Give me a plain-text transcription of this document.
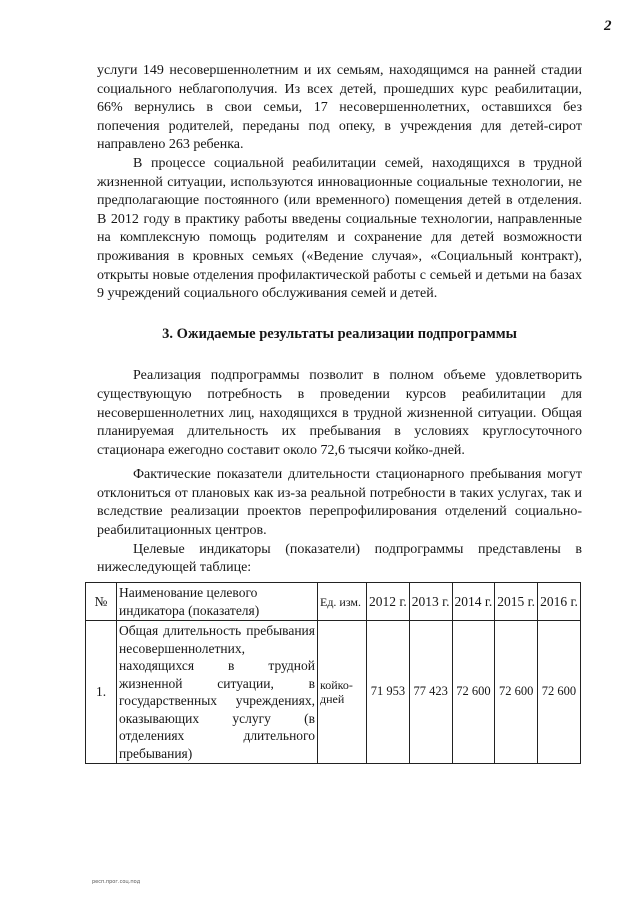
2

услуги 149 несовершеннолетним и их семьям, находящимся на ранней стадии социального неблагополучия. Из всех детей, прошедших курс реабилитации, 66% вернулись в свои семьи, 17 несовершеннолетних, оставшихся без попечения родителей, переданы под опеку, в учреждения для детей-сирот направлено 263 ребенка.

В процессе социальной реабилитации семей, находящихся в трудной жизненной ситуации, используются инновационные социальные технологии, не предполагающие постоянного (или временного) помещения детей в отделения. В 2012 году в практику работы введены социальные технологии, направленные на комплексную помощь родителям и сохранение для детей возможности проживания в кровных семьях («Ведение случая», «Социальный контракт), открыты новые отделения профилактической работы с семьей и детьми на базах 9 учреждений социального обслуживания семей и детей.

3. Ожидаемые результаты реализации подпрограммы

Реализация подпрограммы позволит в полном объеме удовлетворить существующую потребность в проведении курсов реабилитации для несовершеннолетних лиц, находящихся в трудной жизненной ситуации. Общая планируемая длительность их пребывания в условиях круглосуточного стационара ежегодно составит около 72,6 тысячи койко-дней.

Фактические показатели длительности стационарного пребывания могут отклониться от плановых как из-за реальной потребности в таких услугах, так и вследствие реализации проектов перепрофилирования отделений социально-реабилитационных центров.

Целевые индикаторы (показатели) подпрограммы представлены в нижеследующей таблице:

№	Наименование целевого индикатора (показателя)	Ед. изм.	2012 г.	2013 г.	2014 г.	2015 г.	2016 г.
1.	Общая длительность пребывания несовершеннолетних, находящихся в трудной жизненной ситуации, в государственных учреждениях, оказывающих услугу (в отделениях длительного пребывания)	койко-дней	71 953	77 423	72 600	72 600	72 600
респ.прог.соц.под
